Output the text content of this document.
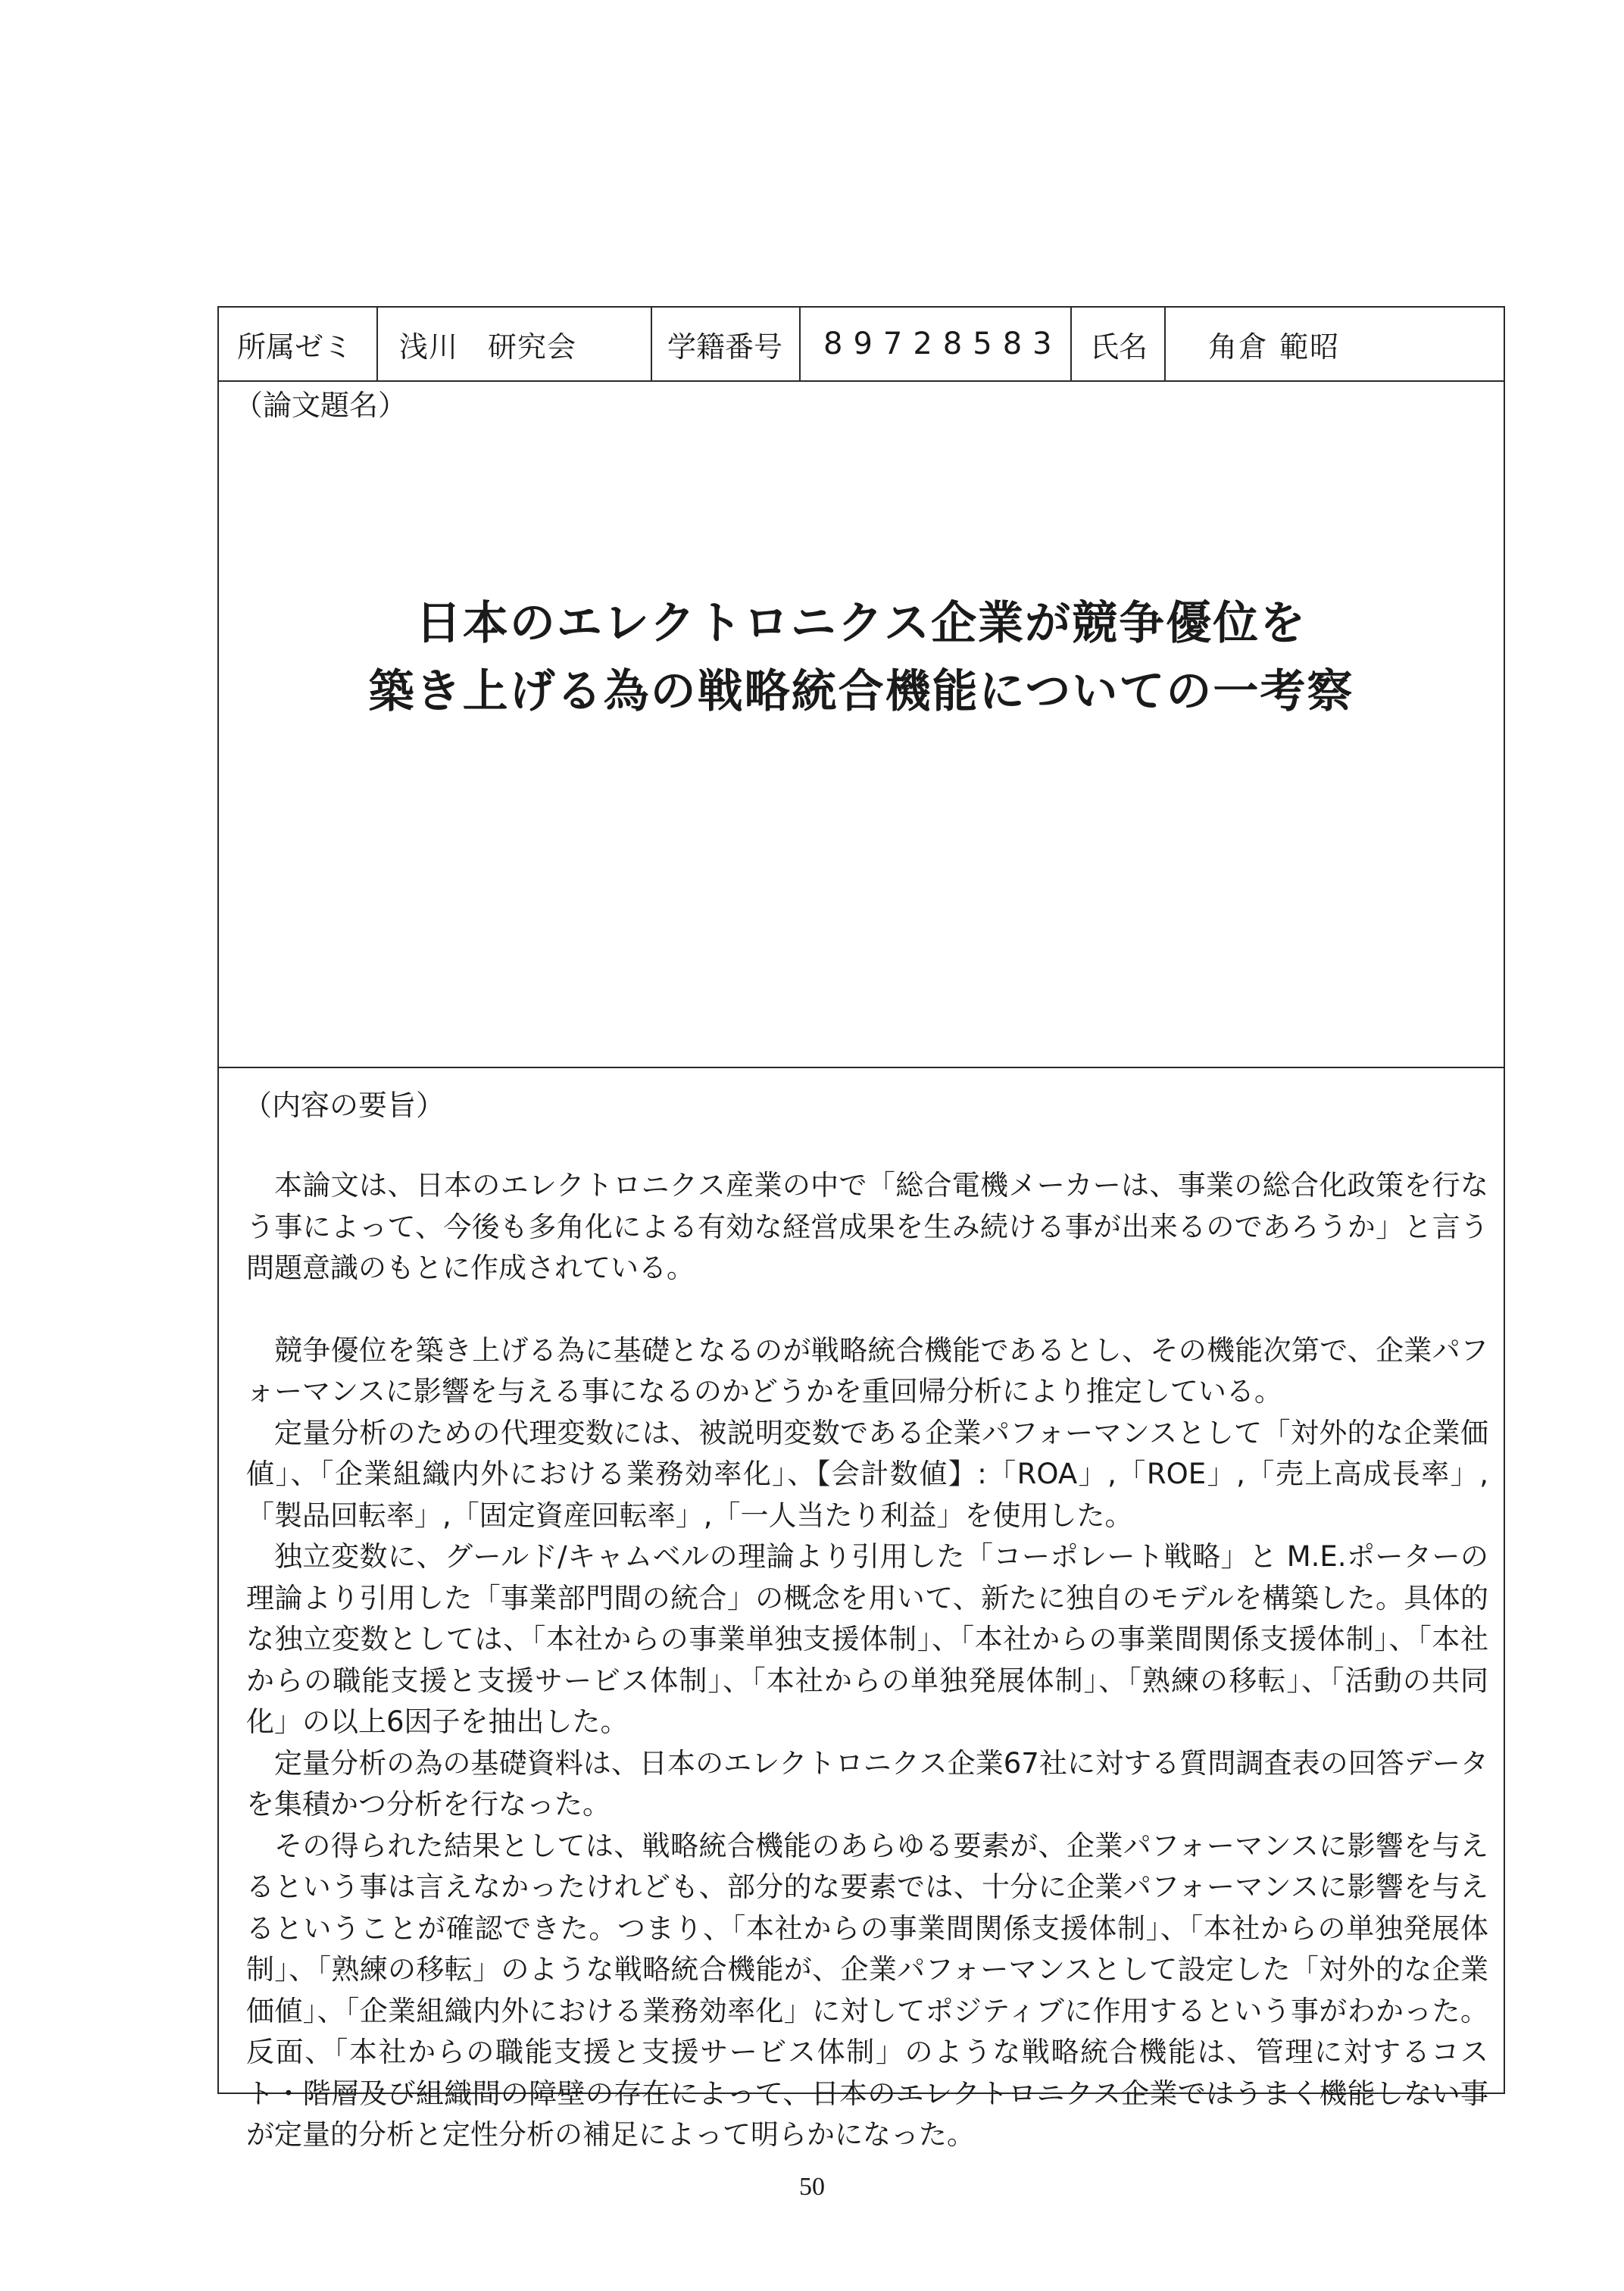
所属ゼミ	浅川　研究会	学籍番号	89728583 氏名	角倉 範昭
（論文題名）
日本のエレクトロニクス企業が競争優位を
築き上げる為の戦略統合機能についての一考察
（内容の要旨）

本論文は、日本のエレクトロニクス産業の中で「総合電機メーカーは、事業の総合化政策を行なう事によって、今後も多角化による有効な経営成果を生み続ける事が出来るのであろうか」と言う問題意識のもとに作成されている。

競争優位を築き上げる為に基礎となるのが戦略統合機能であるとし、その機能次第で、企業パフォーマンスに影響を与える事になるのかどうかを重回帰分析により推定している。

定量分析のための代理変数には、被説明変数である企業パフォーマンスとして「対外的な企業価値」、「企業組織内外における業務効率化」、【会計数値】:「ROA」,「ROE」,「売上高成長率」,「製品回転率」,「固定資産回転率」,「一人当たり利益」を使用した。

独立変数に、グールド/キャムベルの理論より引用した「コーポレート戦略」と M.E.ポーターの理論より引用した「事業部門間の統合」の概念を用いて、新たに独自のモデルを構築した。具体的な独立変数としては、「本社からの事業単独支援体制」、「本社からの事業間関係支援体制」、「本社からの職能支援と支援サービス体制」、「本社からの単独発展体制」、「熟練の移転」、「活動の共同化」の以上6因子を抽出した。

定量分析の為の基礎資料は、日本のエレクトロニクス企業67社に対する質問調査表の回答データを集積かつ分析を行なった。

その得られた結果としては、戦略統合機能のあらゆる要素が、企業パフォーマンスに影響を与えるという事は言えなかったけれども、部分的な要素では、十分に企業パフォーマンスに影響を与えるということが確認できた。つまり、「本社からの事業間関係支援体制」、「本社からの単独発展体制」、「熟練の移転」のような戦略統合機能が、企業パフォーマンスとして設定した「対外的な企業価値」、「企業組織内外における業務効率化」に対してポジティブに作用するという事がわかった。反面、「本社からの職能支援と支援サービス体制」のような戦略統合機能は、管理に対するコスト・階層及び組織間の障壁の存在によって、日本のエレクトロニクス企業ではうまく機能しない事が定量的分析と定性分析の補足によって明らかになった。

50
